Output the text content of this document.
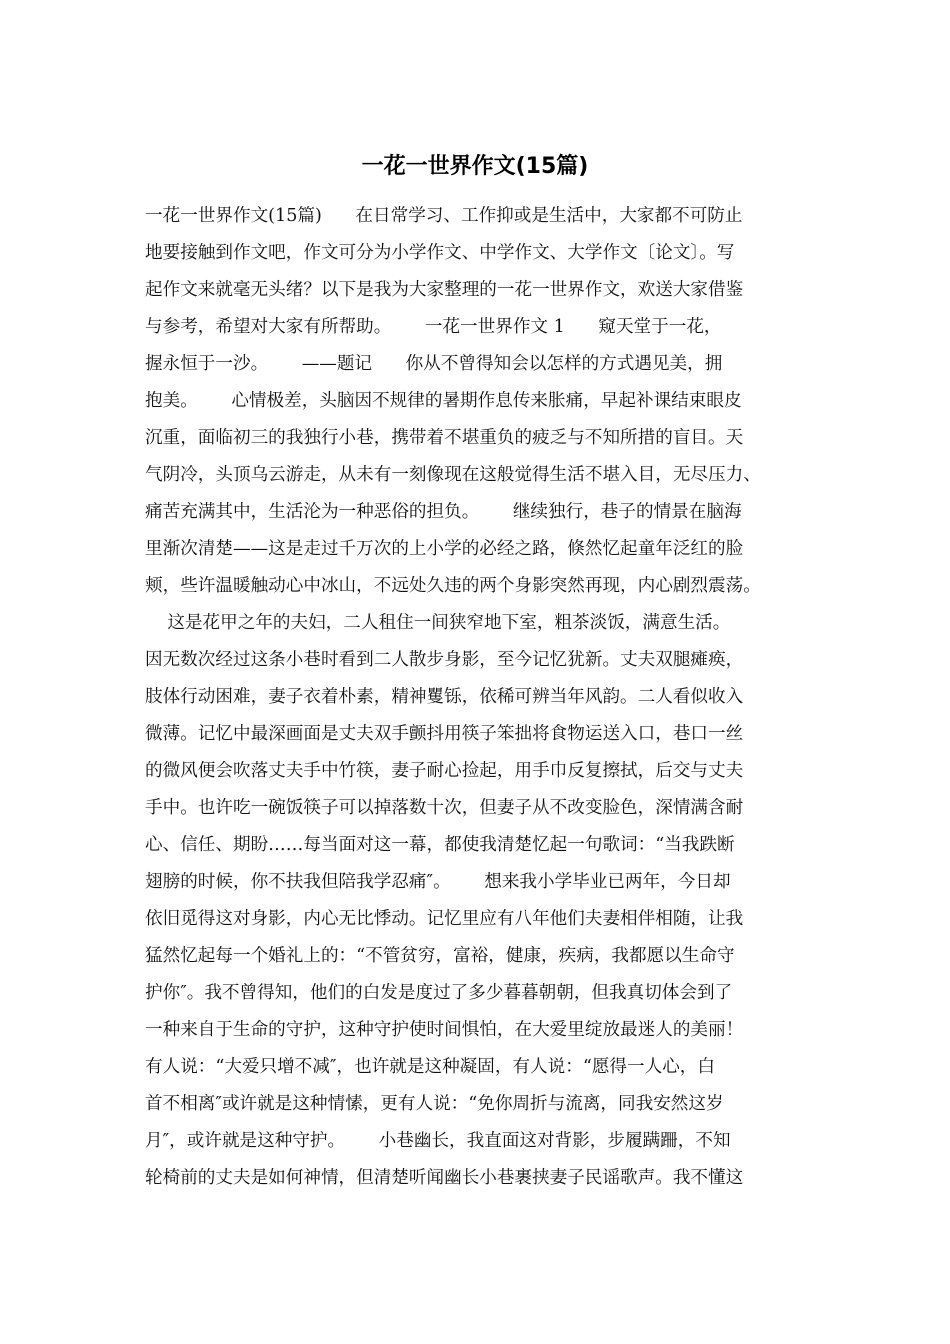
一花一世界作文(15篇)
一花一世界作文(15篇)      在日常学习、工作抑或是生活中，大家都不可防止
地要接触到作文吧，作文可分为小学作文、中学作文、大学作文〔论文〕。写
起作文来就毫无头绪？以下是我为大家整理的一花一世界作文，欢送大家借鉴
与参考，希望对大家有所帮助。      一花一世界作文 1      窥天堂于一花，
握永恒于一沙。      ——题记      你从不曾得知会以怎样的方式遇见美，拥
抱美。      心情极差，头脑因不规律的暑期作息传来胀痛，早起补课结束眼皮
沉重，面临初三的我独行小巷，携带着不堪重负的疲乏与不知所措的盲目。天
气阴冷，头顶乌云游走，从未有一刻像现在这般觉得生活不堪入目，无尽压力、
痛苦充满其中，生活沦为一种恶俗的担负。      继续独行，巷子的情景在脑海
里渐次清楚——这是走过千万次的上小学的必经之路，倏然忆起童年泛红的脸
颊，些许温暖触动心中冰山，不远处久违的两个身影突然再现，内心剧烈震荡。
这是花甲之年的夫妇，二人租住一间狭窄地下室，粗茶淡饭，满意生活。
因无数次经过这条小巷时看到二人散步身影，至今记忆犹新。丈夫双腿瘫痪，
肢体行动困难，妻子衣着朴素，精神矍铄，依稀可辨当年风韵。二人看似收入
微薄。记忆中最深画面是丈夫双手颤抖用筷子笨拙将食物运送入口，巷口一丝
的微风便会吹落丈夫手中竹筷，妻子耐心捡起，用手巾反复擦拭，后交与丈夫
手中。也许吃一碗饭筷子可以掉落数十次，但妻子从不改变脸色，深情满含耐
心、信任、期盼……每当面对这一幕，都使我清楚忆起一句歌词：“当我跌断
翅膀的时候，你不扶我但陪我学忍痛″。      想来我小学毕业已两年，今日却
依旧觅得这对身影，内心无比悸动。记忆里应有八年他们夫妻相伴相随，让我
猛然忆起每一个婚礼上的：“不管贫穷，富裕，健康，疾病，我都愿以生命守
护你″。我不曾得知，他们的白发是度过了多少暮暮朝朝，但我真切体会到了
一种来自于生命的守护，这种守护使时间惧怕，在大爱里绽放最迷人的美丽！
有人说：“大爱只增不减″，也许就是这种凝固，有人说：“愿得一人心，白
首不相离″或许就是这种情愫，更有人说：“免你周折与流离，同我安然这岁
月″，或许就是这种守护。      小巷幽长，我直面这对背影，步履蹒跚，不知
轮椅前的丈夫是如何神情，但清楚听闻幽长小巷裹挟妻子民谣歌声。我不懂这
